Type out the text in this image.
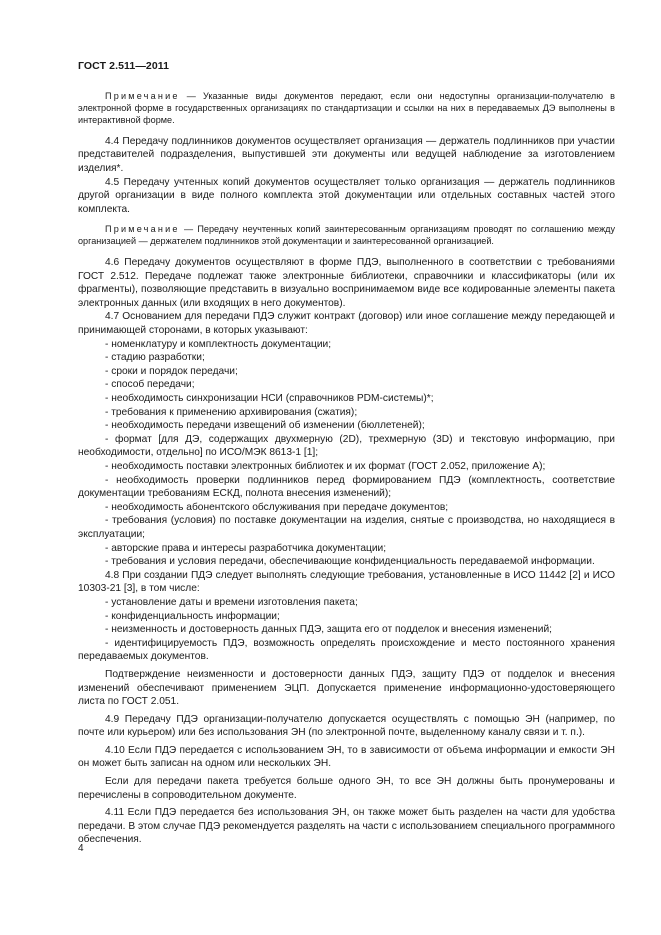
ГОСТ 2.511—2011

Примечание — Указанные виды документов передают, если они недоступны организации-получателю в электронной форме в государственных организациях по стандартизации и ссылки на них в передаваемых ДЭ выполнены в интерактивной форме.

4.4 Передачу подлинников документов осуществляет организация — держатель подлинников при участии представителей подразделения, выпустившей эти документы или ведущей наблюдение за изготовлением изделия*.

4.5 Передачу учтенных копий документов осуществляет только организация — держатель подлинников другой организации в виде полного комплекта этой документации или отдельных составных частей этого комплекта.

Примечание — Передачу неучтенных копий заинтересованным организациям проводят по соглашению между организацией — держателем подлинников этой документации и заинтересованной организацией.

4.6 Передачу документов осуществляют в форме ПДЭ, выполненного в соответствии с требованиями ГОСТ 2.512. Передаче подлежат также электронные библиотеки, справочники и классификаторы (или их фрагменты), позволяющие представить в визуально воспринимаемом виде все кодированные элементы пакета электронных данных (или входящих в него документов).

4.7 Основанием для передачи ПДЭ служит контракт (договор) или иное соглашение между передающей и принимающей сторонами, в которых указывают:

- номенклатуру и комплектность документации;

- стадию разработки;

- сроки и порядок передачи;

- способ передачи;

- необходимость синхронизации НСИ (справочников PDM-системы)*;

- требования к применению архивирования (сжатия);

- необходимость передачи извещений об изменении (бюллетеней);

- формат [для ДЭ, содержащих двухмерную (2D), трехмерную (3D) и текстовую информацию, при необходимости, отдельно] по ИСО/МЭК 8613-1 [1];

- необходимость поставки электронных библиотек и их формат (ГОСТ 2.052, приложение А);

- необходимость проверки подлинников перед формированием ПДЭ (комплектность, соответствие документации требованиям ЕСКД, полнота внесения изменений);

- необходимость абонентского обслуживания при передаче документов;

- требования (условия) по поставке документации на изделия, снятые с производства, но находящиеся в эксплуатации;

- авторские права и интересы разработчика документации;

- требования и условия передачи, обеспечивающие конфиденциальность передаваемой информации.

4.8 При создании ПДЭ следует выполнять следующие требования, установленные в ИСО 11442 [2] и ИСО 10303-21 [3], в том числе:

- установление даты и времени изготовления пакета;

- конфиденциальность информации;

- неизменность и достоверность данных ПДЭ, защита его от подделок и внесения изменений;

- идентифицируемость ПДЭ, возможность определять происхождение и место постоянного хранения передаваемых документов.

Подтверждение неизменности и достоверности данных ПДЭ, защиту ПДЭ от подделок и внесения изменений обеспечивают применением ЭЦП. Допускается применение информационно-удостоверяющего листа по ГОСТ 2.051.

4.9 Передачу ПДЭ организации-получателю допускается осуществлять с помощью ЭН (например, по почте или курьером) или без использования ЭН (по электронной почте, выделенному каналу связи и т. п.).

4.10 Если ПДЭ передается с использованием ЭН, то в зависимости от объема информации и емкости ЭН он может быть записан на одном или нескольких ЭН.

Если для передачи пакета требуется больше одного ЭН, то все ЭН должны быть пронумерованы и перечислены в сопроводительном документе.

4.11 Если ПДЭ передается без использования ЭН, он также может быть разделен на части для удобства передачи. В этом случае ПДЭ рекомендуется разделять на части с использованием специального программного обеспечения.

4
